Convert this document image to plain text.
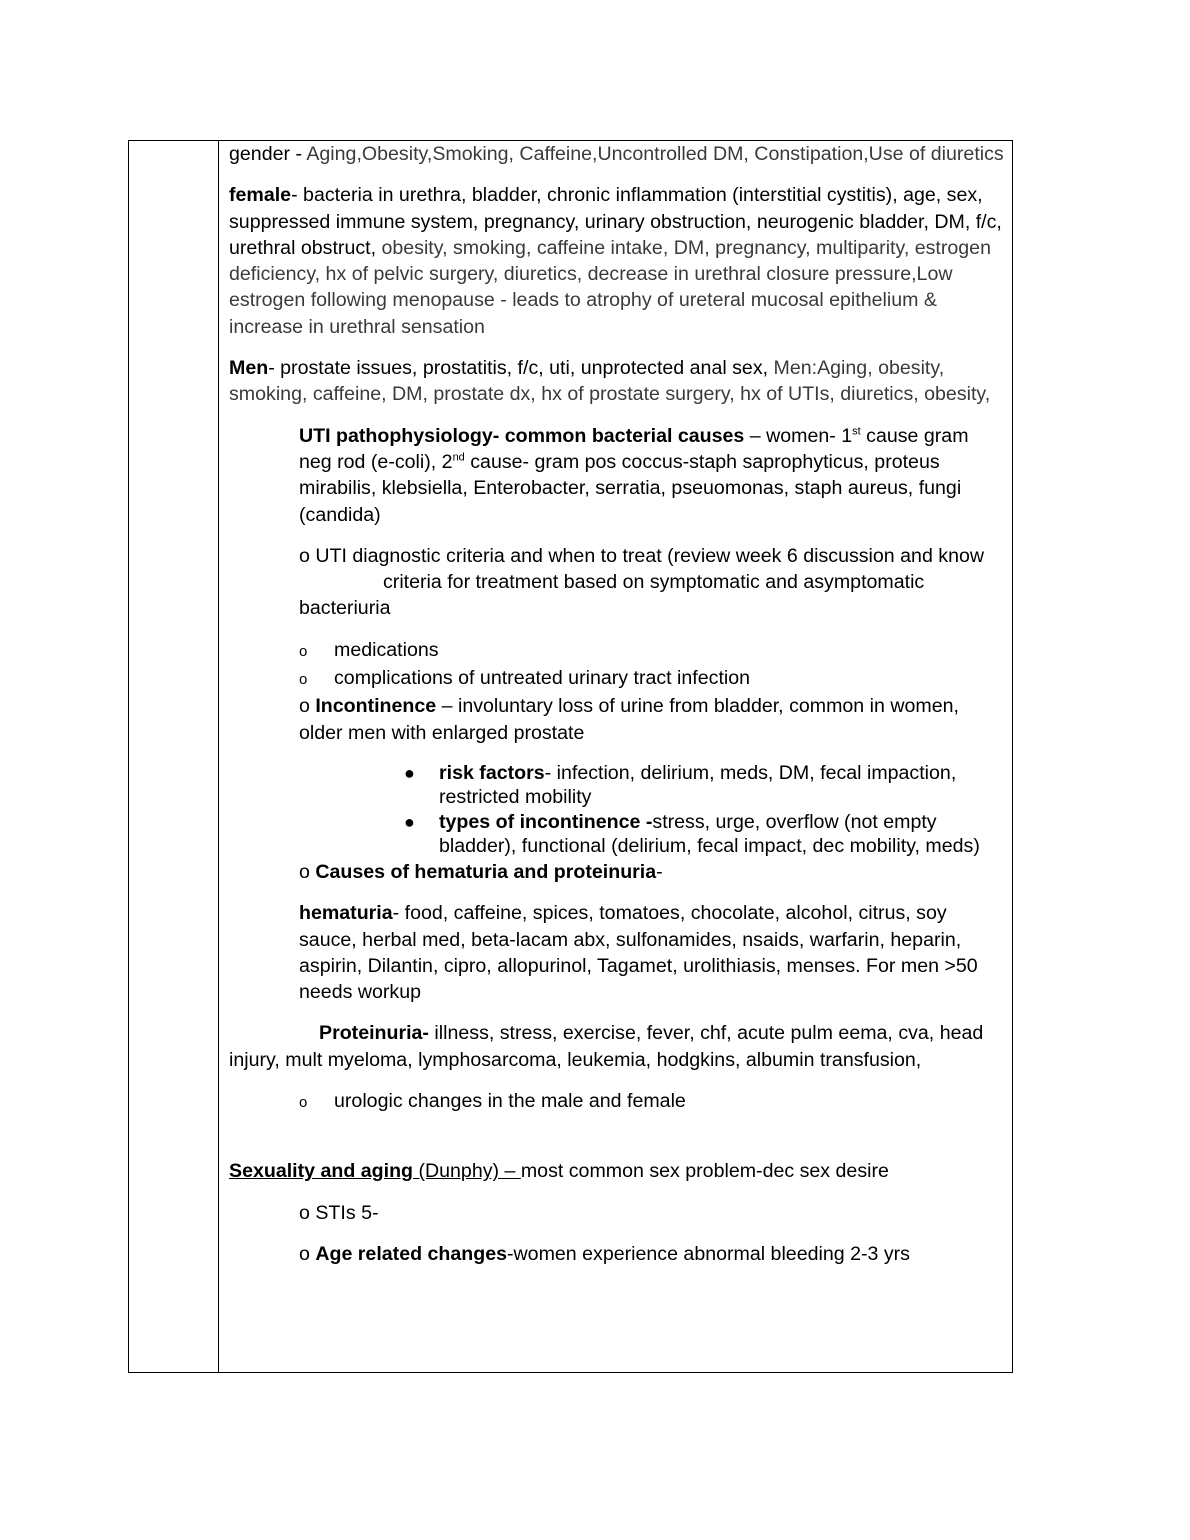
gender - Aging,Obesity,Smoking, Caffeine,Uncontrolled DM, Constipation,Use of diuretics

female- bacteria in urethra, bladder, chronic inflammation (interstitial cystitis), age, sex, suppressed immune system, pregnancy, urinary obstruction, neurogenic bladder, DM, f/c, urethral obstruct, obesity, smoking, caffeine intake, DM, pregnancy, multiparity, estrogen deficiency, hx of pelvic surgery, diuretics, decrease in urethral closure pressure,Low estrogen following menopause - leads to atrophy of ureteral mucosal epithelium & increase in urethral sensation

Men- prostate issues, prostatitis, f/c, uti, unprotected anal sex, Men:Aging, obesity, smoking, caffeine, DM, prostate dx, hx of prostate surgery, hx of UTIs, diuretics, obesity,

UTI pathophysiology- common bacterial causes – women- 1st cause gram neg rod (e-coli), 2nd cause- gram pos coccus-staph saprophyticus, proteus mirabilis, klebsiella, Enterobacter, serratia, pseuomonas, staph aureus, fungi (candida)

o UTI diagnostic criteria and when to treat (review week 6 discussion and knowcriteria for treatment based on symptomatic and asymptomatic bacteriuria

o medications

o complications of untreated urinary tract infection

o Incontinence – involuntary loss of urine from bladder, common in women, older men with enlarged prostate

● risk factors- infection, delirium, meds, DM, fecal impaction, restricted mobility

● types of incontinence -stress, urge, overflow (not empty bladder), functional (delirium, fecal impact, dec mobility, meds)

o Causes of hematuria and proteinuria-

hematuria- food, caffeine, spices, tomatoes, chocolate, alcohol, citrus, soy sauce, herbal med, beta-lacam abx, sulfonamides, nsaids, warfarin, heparin, aspirin, Dilantin, cipro, allopurinol, Tagamet, urolithiasis, menses. For men >50 needs workup

Proteinuria- illness, stress, exercise, fever, chf, acute pulm eema, cva, head injury, mult myeloma, lymphosarcoma, leukemia, hodgkins, albumin transfusion,

o urologic changes in the male and female

Sexuality and aging (Dunphy) – most common sex problem-dec sex desire

o STIs 5-

o Age related changes-women experience abnormal bleeding 2-3 yrs
